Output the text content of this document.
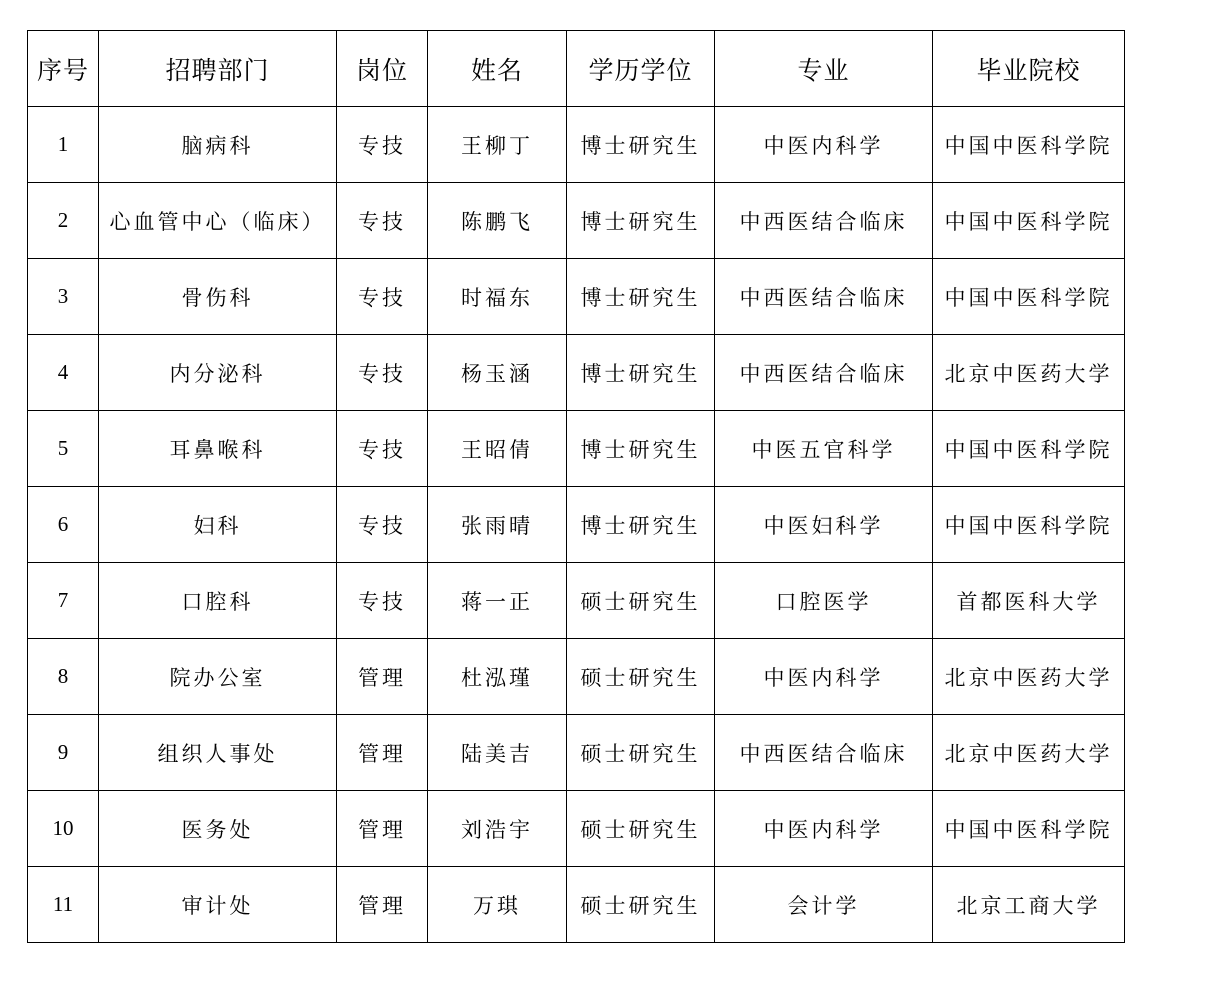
序号	招聘部门	岗位	姓名	学历学位	专业	毕业院校
1	脑病科	专技	王柳丁	博士研究生	中医内科学	中国中医科学院
2	心血管中心（临床）	专技	陈鹏飞	博士研究生	中西医结合临床	中国中医科学院
3	骨伤科	专技	时福东	博士研究生	中西医结合临床	中国中医科学院
4	内分泌科	专技	杨玉涵	博士研究生	中西医结合临床	北京中医药大学
5	耳鼻喉科	专技	王昭倩	博士研究生	中医五官科学	中国中医科学院
6	妇科	专技	张雨晴	博士研究生	中医妇科学	中国中医科学院
7	口腔科	专技	蒋一正	硕士研究生	口腔医学	首都医科大学
8	院办公室	管理	杜泓瑾	硕士研究生	中医内科学	北京中医药大学
9	组织人事处	管理	陆美吉	硕士研究生	中西医结合临床	北京中医药大学
10	医务处	管理	刘浩宇	硕士研究生	中医内科学	中国中医科学院
11	审计处	管理	万琪	硕士研究生	会计学	北京工商大学
